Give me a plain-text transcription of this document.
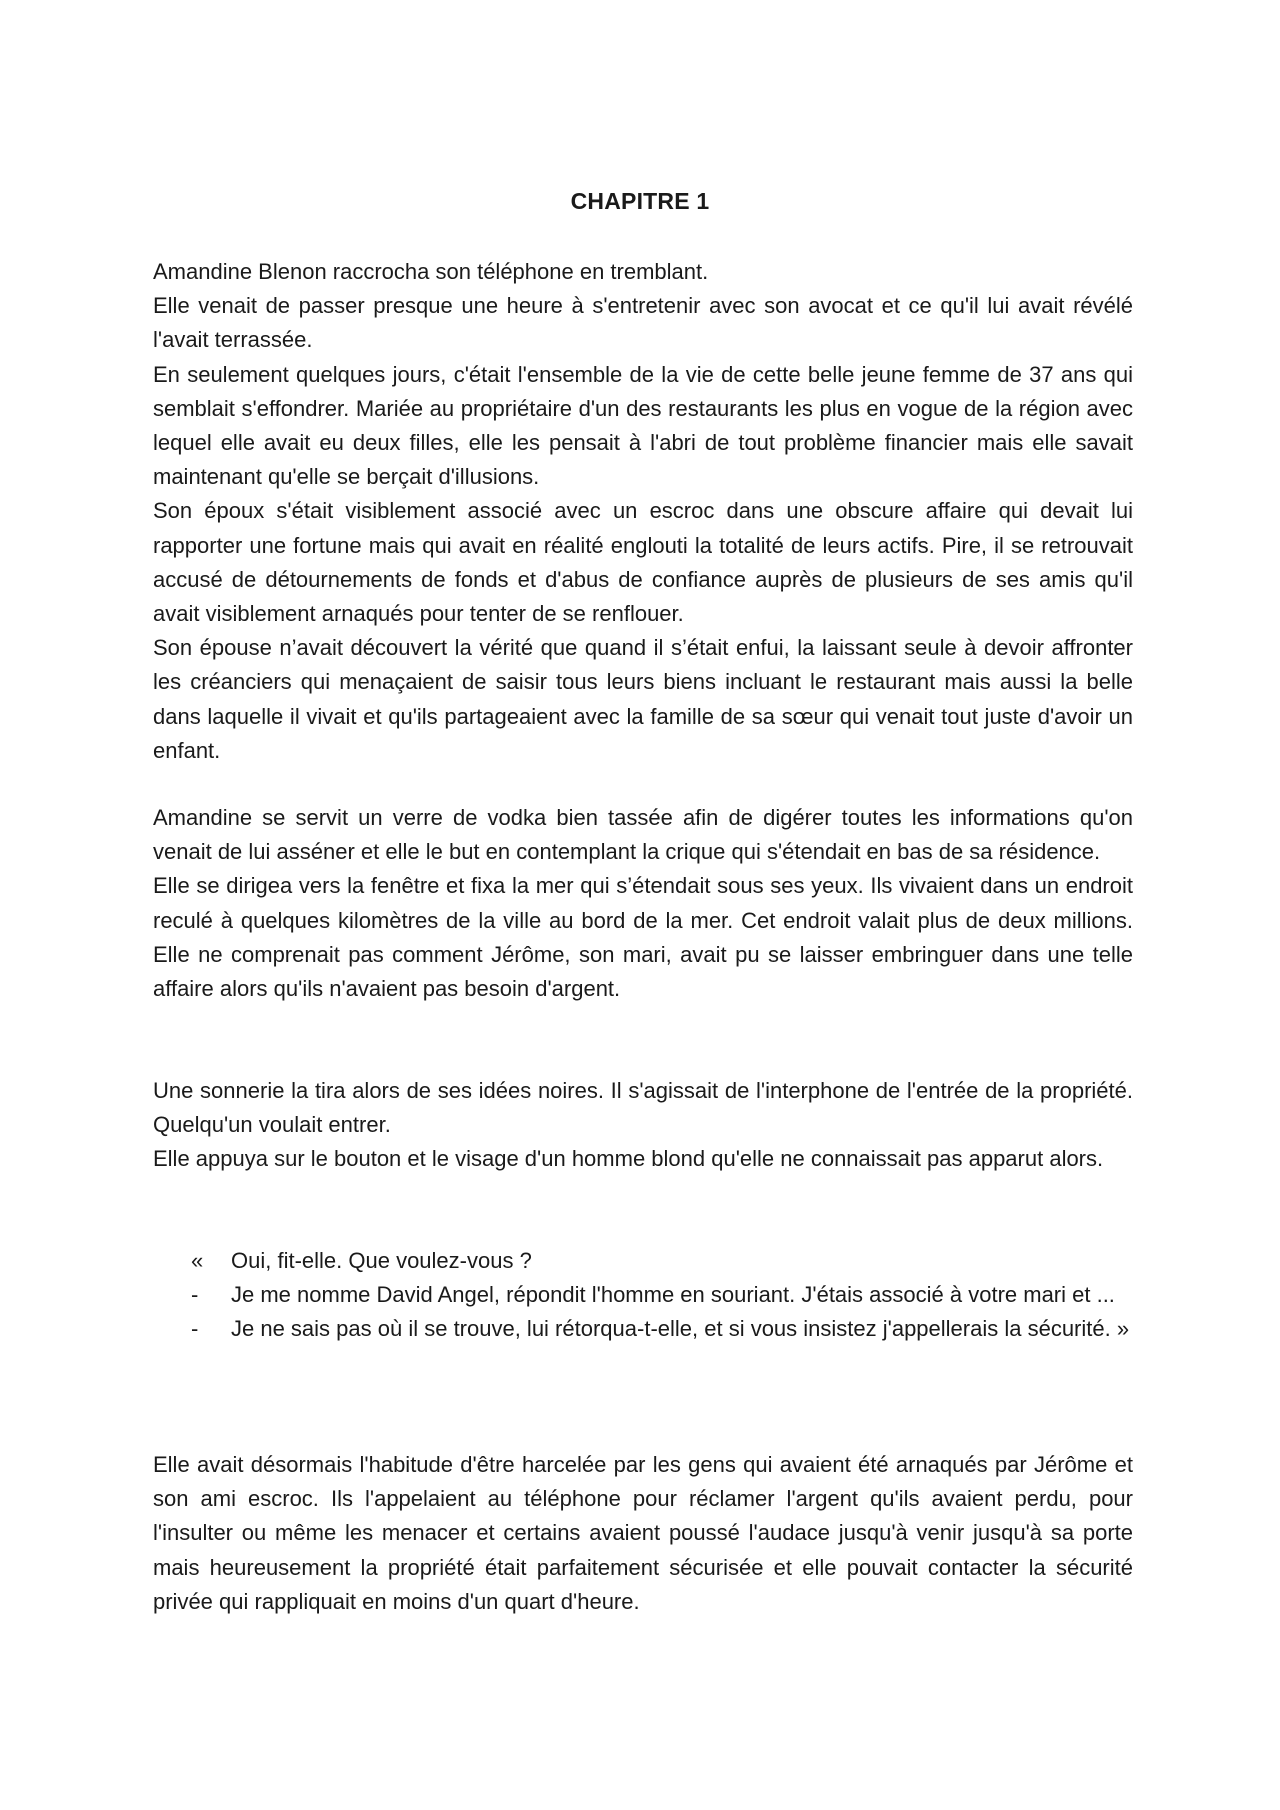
CHAPITRE 1

Amandine Blenon raccrocha son téléphone en tremblant.

Elle venait de passer presque une heure à s'entretenir avec son avocat et ce qu'il lui avait révélé l'avait terrassée.

En seulement quelques jours, c'était l'ensemble de la vie de cette belle jeune femme de 37 ans qui semblait s'effondrer. Mariée au propriétaire d'un des restaurants les plus en vogue de la région avec lequel elle avait eu deux filles, elle les pensait à l'abri de tout problème financier mais elle savait maintenant qu'elle se berçait d'illusions.

Son époux s'était visiblement associé avec un escroc dans une obscure affaire qui devait lui rapporter une fortune mais qui avait en réalité englouti la totalité de leurs actifs. Pire, il se retrouvait accusé de détournements de fonds et d'abus de confiance auprès de plusieurs de ses amis qu'il avait visiblement arnaqués pour tenter de se renflouer.

Son épouse n’avait découvert la vérité que quand il s’était enfui, la laissant seule à devoir affronter les créanciers qui menaçaient de saisir tous leurs biens incluant le restaurant mais aussi la belle dans laquelle il vivait et qu'ils partageaient avec la famille de sa sœur qui venait tout juste d'avoir un enfant.

Amandine se servit un verre de vodka bien tassée afin de digérer toutes les informations qu'on venait de lui asséner et elle le but en contemplant la crique qui s'étendait en bas de sa résidence.

Elle se dirigea vers la fenêtre et fixa la mer qui s’étendait sous ses yeux. Ils vivaient dans un endroit reculé à quelques kilomètres de la ville au bord de la mer. Cet endroit valait plus de deux millions. Elle ne comprenait pas comment Jérôme, son mari, avait pu se laisser embringuer dans une telle affaire alors qu'ils n'avaient pas besoin d'argent.

Une sonnerie la tira alors de ses idées noires. Il s'agissait de l'interphone de l'entrée de la propriété. Quelqu'un voulait entrer.

Elle appuya sur le bouton et le visage d'un homme blond qu'elle ne connaissait pas apparut alors.

« Oui, fit-elle. Que voulez-vous ?
- Je me nomme David Angel, répondit l'homme en souriant. J'étais associé à votre mari et ...
- Je ne sais pas où il se trouve, lui rétorqua-t-elle, et si vous insistez j'appellerais la sécurité. »

Elle avait désormais l'habitude d'être harcelée par les gens qui avaient été arnaqués par Jérôme et son ami escroc. Ils l'appelaient au téléphone pour réclamer l'argent qu'ils avaient perdu, pour l'insulter ou même les menacer et certains avaient poussé l'audace jusqu'à venir jusqu'à sa porte mais heureusement la propriété était parfaitement sécurisée et elle pouvait contacter la sécurité privée qui rappliquait en moins d'un quart d'heure.
